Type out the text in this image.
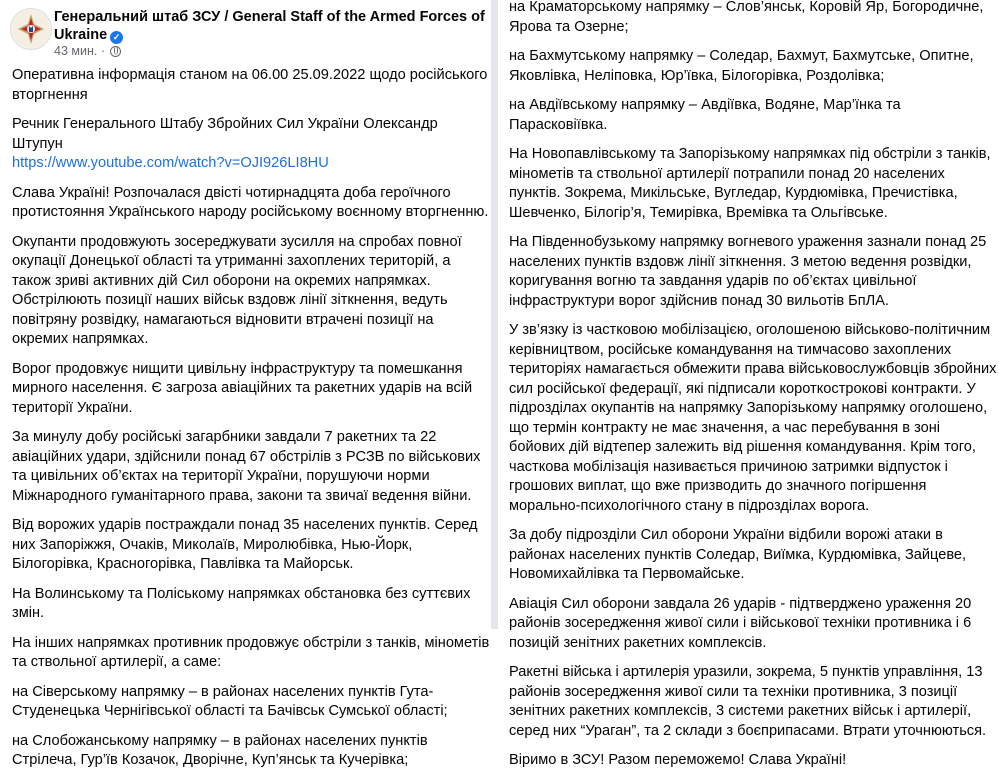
Генеральний штаб ЗСУ / General Staff of the Armed Forces of Ukraine ✓
43 мин. ·

Оперативна інформація станом на 06.00 25.09.2022 щодо російського вторгнення

Речник Генерального Штабу Збройних Сил України Олександр Штупун
https://www.youtube.com/watch?v=OJI926LI8HU

Слава Україні! Розпочалася двісті чотирнадцята доба героїчного протистояння Українського народу російському воєнному вторгненню.

Окупанти продовжують зосереджувати зусилля на спробах повної окупації Донецької області та утриманні захоплених територій, а також зриві активних дій Сил оборони на окремих напрямках. Обстрілюють позиції наших військ вздовж лінії зіткнення, ведуть повітряну розвідку, намагаються відновити втрачені позиції на окремих напрямках.

Ворог продовжує нищити цивільну інфраструктуру та помешкання мирного населення. Є загроза авіаційних та ракетних ударів на всій території України.

За минулу добу російські загарбники завдали 7 ракетних та 22 авіаційних удари, здійснили понад 67 обстрілів з РСЗВ по військових та цивільних об’єктах на території України, порушуючи норми Міжнародного гуманітарного права, закони та звичаї ведення війни.

Від ворожих ударів постраждали понад 35 населених пунктів. Серед них Запоріжжя, Очаків, Миколаїв, Миролюбівка, Нью-Йорк, Білогорівка, Красногорівка, Павлівка та Майорськ.

На Волинському та Поліському напрямках обстановка без суттєвих змін.

На інших напрямках противник продовжує обстріли з танків, мінометів та ствольної артилерії, а саме:

на Сіверському напрямку – в районах населених пунктів Гута-Студенецька Чернігівської області та Бачівськ Сумської області;

на Слобожанському напрямку – в районах населених пунктів Стрілеча, Гур’їв Козачок, Дворічне, Куп’янськ та Кучерівка;

на Краматорському напрямку – Слов’янськ, Коровій Яр, Богородичне, Ярова та Озерне;

на Бахмутському напрямку – Соледар, Бахмут, Бахмутське, Опитне, Яковлівка, Неліповка, Юр’ївка, Білогорівка, Роздолівка;

на Авдіївському напрямку – Авдіївка, Водяне, Мар’їнка та Парасковіївка.

На Новопавлівському та Запорізькому напрямках під обстріли з танків, мінометів та ствольної артилерії потрапили понад 20 населених пунктів. Зокрема, Микільське, Вугледар, Курдюмівка, Пречистівка, Шевченко, Білогір’я, Темирівка, Времівка та Ольгівське.

На Південнобузькому напрямку вогневого ураження зазнали понад 25 населених пунктів вздовж лінії зіткнення. З метою ведення розвідки, коригування вогню та завдання ударів по об’єктах цивільної інфраструктури ворог здійснив понад 30 вильотів БпЛА.

У зв’язку із частковою мобілізацією, оголошеною військово-політичним керівництвом, російське командування на тимчасово захоплених територіях намагається обмежити права військовослужбовців збройних сил російської федерації, які підписали короткострокові контракти. У підрозділах окупантів на напрямку Запорізькому напрямку оголошено, що термін контракту не має значення, а час перебування в зоні бойових дій відтепер залежить від рішення командування. Крім того, часткова мобілізація називається причиною затримки відпусток і грошових виплат, що вже призводить до значного погіршення морально-психологічного стану в підрозділах ворога.

За добу підрозділи Сил оборони України відбили ворожі атаки в районах населених пунктів Соледар, Виїмка, Курдюмівка, Зайцеве, Новомихайлівка та Первомайське.

Авіація Сил оборони завдала 26 ударів - підтверджено ураження 20 районів зосередження живої сили і військової техніки противника і 6 позицій зенітних ракетних комплексів.

Ракетні війська і артилерія уразили, зокрема, 5 пунктів управління, 13 районів зосередження живої сили та техніки противника, 3 позиції зенітних ракетних комплексів, 3 системи ракетних військ і артилерії, серед них “Ураган”, та 2 склади з боєприпасами. Втрати уточнюються.

Віримо в ЗСУ! Разом переможемо! Слава Україні!
